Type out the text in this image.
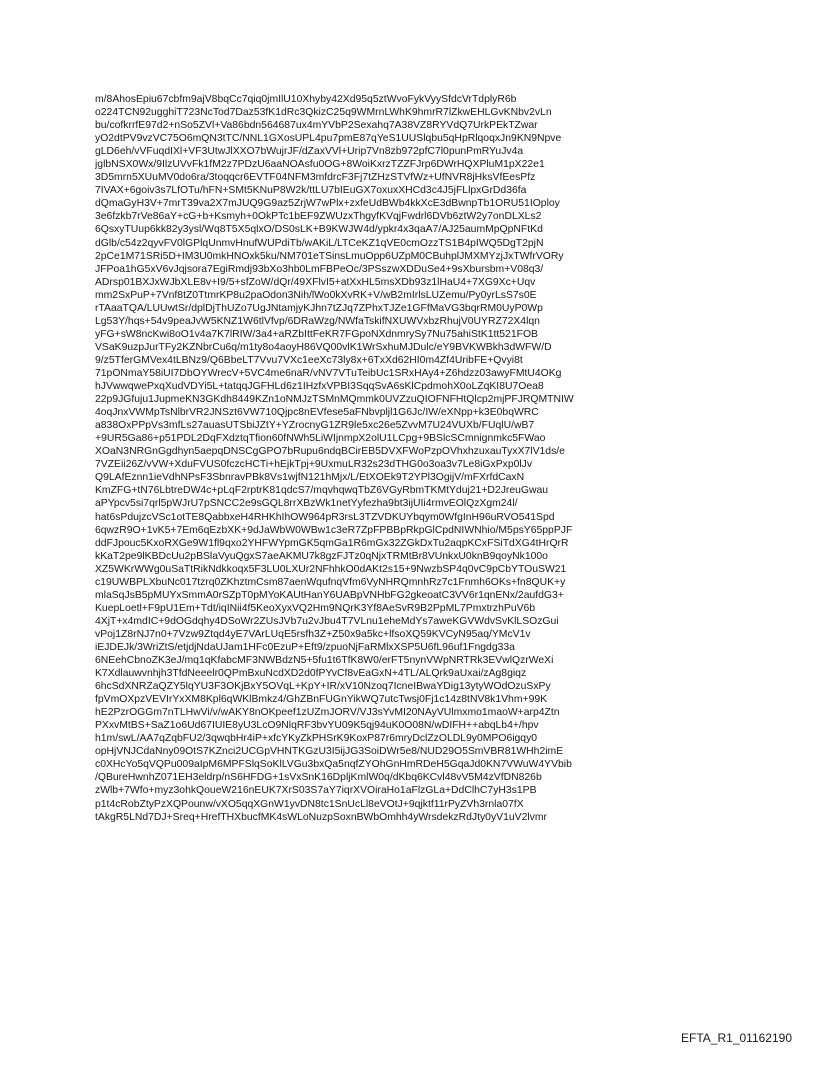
m/8AhosEpiu67cbfm9ajV8bqCc7qiq0jmIlU10Xhyby42Xd95q5ztWvoFykVyySfdcVrTdplyR6b
o224TCN92ugghiT723NcTod7Daz53fK1dRc3QkizC25q9WMrnLWhK9hmrR7lZkwEHLGvKNbv2vLn
bu/cofkrrfE97d2+nSo5ZVl+Va86bdn564687ux4mYVbP2Sexahq7A38VZ8RYVdQ7UrkPEkTZwar
yO2dtPV9vzVC75O6mQN3tTC/NNL1GXosUPL4pu7pmE87qYeS1UUSlqbu5qHpRlqoqxJn9KN9Npve
gLD6eh/vVFuqdIXl+VF3UtwJlXXO7bWujrJF/dZaxVVl+Urip7Vn8zb972pfC7l0punPmRYuJv4a
jglbNSX0Wx/9IlzUVvFk1fM2z7PDzU6aaNOAsfu0OG+8WoiKxrzTZZFJrp6DWrHQXPluM1pX22e1
3D5mrn5XUuMV0do6ra/3toqqcr6EVTF04NFM3mfdrcF3Fj7tZHzSTVfWz+UfNVR8jHksVfEesPfz
7IVAX+6goiv3s7LfOTu/hFN+SMt5KNuP8W2k/ttLU7bIEuGX7oxuxXHCd3c4J5jFLlpxGrDd36fa
dQmaGyH3V+7mrT39va2X7mJUQ9G9az5ZrjW7wPlx+zxfeUdBWb4kkXcE3dBwnpTb1ORU51IOploy
3e6fzkb7rVe86aY+cG+b+Ksmyh+0OkPTc1bEF9ZWUzxThgyfKVqjFwdrl6DVb6ztW2y7onDLXLs2
6QsxyTUup6kk82y3ysl/Wq8T5X5qlxO/DS0sLK+B9KWJW4d/ypkr4x3qaA7/AJ25aumMpQpNFtKd
dGlb/c54z2qyvFV0lGPlqUnmvHnufWUPdiTb/wAKiL/LTCeKZ1qVE0cmOzzTS1B4pIWQ5DgT2pjN
2pCe1M71SRi5D+IM3U0mkHNOxk5ku/NM701eTSinsLmuOpp6UZpM0CBuhplJMXMYzjJxTWfrVORy
JFPoa1hG5xV6vJqjsora7EgiRmdj93bXo3hb0LmFBPeOc/3PSszwXDDuSe4+9sXbursbm+V08q3/
ADrsp01BXJxWJbXLE8v+I9/5+sfZoW/dQr/49XFlvI5+atXxHL5msXDb93z1lHaU4+7XG9Xc+Uqv
mm2SxPuP+7Vnf8tZ0TtmrKP8u2paOdon3Nih/lWo0kXvRK+V/wB2mIrlsLUZemu/Py0yrLsS7s0E
rTAaaTQA/LUUwtSr/dplDjThUZo7UgJNtamjyKJhn7tZJq7ZPhxTJZe1GFfMaVG3bqrRM0UyP0Wp
Lg53Y/hqs+54v9peaJvW5KNZ1W6tlVfvp/6DRaWzg/NWfaTskifNXUWVxbzRhujV0UYRZ72X4lqn
yFG+sW8ncKwi8oO1v4a7K7lRIW/3a4+aRZbIttFeKR7FGpoNXdnmrySy7Nu75ahiStK1tt521FOB
VSaK9uzpJurTFy2KZNbrCu6q/m1ty8o4aoyH86VQ00vlK1WrSxhuMJDulc/eY9BVKWBkh3dWFW/D
9/z5TferGMVex4tLBNz9/Q6BbeLT7Vvu7VXc1eeXc73ly8x+6TxXd62HI0m4Zf4UribFE+Qvyi8t
71pONmaY58iUI7DbOYWrecV+5VC4me6naR/vNV7VTuTeibUc1SRxHAy4+Z6hdzz03awyFMtU4OKg
hJVwwqwePxqXudVDYi5L+tatqqJGFHLd6z1IHzfxVPBI3SqqSvA6sKlCpdmohX0oLZqKI8U7Oea8
22p9JGfuju1JupmeKN3GKdh8449KZn1oNMJzTSMnMQmmk0UVZzuQIOFNFHtQlcp2mjPFJRQMTNIW
4oqJnxVWMpTsNlbrVR2JNSzt6VW710Qjpc8nEVfese5aFNbvpljl1G6Jc/IW/eXNpp+k3E0bqWRC
a838OxPPpVs3mfLs27auasUTSbiJZtY+YZrocnyG1ZR9le5xc26e5ZvvM7U24VUXb/FUqlU/wB7
+9UR5Ga86+p51PDL2DqFXdztqTfion60fNWh5LiWIjnmpX2olU1LCpg+9BSlcSCmnignmkc5FWao
XOaN3NRGnGgdhyn5aepqDNSCgGPO7bRupu6ndqBCirEB5DVXFWoPzpOVhxhzuxauTyxX7lV1ds/e
7VZEii26Z/vVW+XduFVUS0fczcHCTi+hEjkTpj+9UxmuLR32s23dTHG0o3oa3v7Le8iGxPxp0lJv
Q9LAfEznn1ieVdhNPsF3SbnravPBk8Vs1wjfN121hMjx/L/EtXOEk9T2YPl3OgijV/mFXrfdCaxN
KmZFG+tN76LbtreDW4c+pLqF2rptrK81qdcS7/mqvhqwqTbZ6VGyRbmTKMtYduj21+D2JreuGwau
aPYpcv5si7qrl5pWJrU7pSNCC2e9sGQL8rrXBzWk1netYyfezha9bt3ijUIi4rmvEOlQzXgm24l/
hat6sPdujzcVSc1otTE8QabbxeH4RHKhIhOW964pR3rsL3TZVDKUYbqym0WfgInH96uRVO541Spd
6qwzR9O+1vK5+7Em6qEzbXK+9dJaWbW0WBw1c3eR7ZpFPBBpRkpGlCpdNIWNhio/M5psY65ppPJF
ddFJpouc5KxoRXGe9W1fl9qxo2YHFWYpmGK5qmGa1R6mGx32ZGkDxTu2aqpKCxFSiTdXG4tHrQrR
kKaT2pe9lKBDcUu2pBSlaVyuQgxS7aeAKMU7k8gzFJTz0qNjxTRMtBr8VUnkxU0knB9qoyNk100o
XZ5WKrWWg0uSaTtRikNdkkoqx5F3LU0LXUr2NFhhkO0dAKt2s15+9NwzbSP4q0vC9pCbYTOuSW21
c19UWBPLXbuNc017tzrq0ZKhztmCsm87aenWqufnqVfm6VyNHRQmnhRz7c1Fnmh6OKs+fn8QUK+y
mlaSqJsB5pMUYxSmmA0rSZpT0pMYoKAUtHanY6UABpVNHbFG2gkeoatC3VV6r1qnENx/2aufdG3+
KuepLoetl+F9pU1Em+Tdt/iqINii4f5KeoXyxVQ2Hm9NQrK3Yf8AeSvR9B2PpML7PmxtrzhPuV6b
4XjT+x4mdIC+9dOGdqhy4DSoWr2ZUsJVb7u2vJbu4T7VLnu1eheMdYs7aweKGVWdvSvKlLSOzGui
vPoj1Z8rNJ7n0+7Vzw9Ztqd4yE7VArLUqE5rsfh3Z+Z50x9a5kc+lfsoXQ59KVCyN95aq/YMcV1v
iEJDEJk/3WriZtS/etjdjNdaUJam1HFc0EzuP+Eft9/zpuoNjFaRMlxXSP5U6fL96uf1Fngdg33a
6NEehCbnoZK3eJ/mq1qKfabcMF3NWBdzN5+5fu1t6TfK8W0/erFT5nynVWpNRTRk3EVwlQzrWeXi
K7Xdlauwvnhjh3TfdNeeelr0QPmBxuNcdXD2d0fPYvCf8vEaGxN+4TL/ALQrk9aUxai/zAg8giqz
6hcSdXNRZaQZY5lqYU3F3OKjBxY5OVqL+KpY+IR/xV10Nzoq7IcneIBwaYDig13ytyWOdOzuSxPy
fpVmOXpzVEVIrYxXM8Kpl6qWKlBmkz4/GhZBnFUGnYikWQ7utcTwsj0Fj1c14z8tNV8k1Vhm+99K
hE2PzrOGGm7nTLHwVi/v/wAKY8nOKpeef1zUZmJORV/VJ3sYvMI20NAyVUlmxmo1maoW+arp4Ztn
PXxvMtBS+SaZ1o6Ud67IUIE8yU3LcO9NlqRF3bvYU09K5qj94uK0O08N/wDIFH++abqLb4+/hpv
h1m/swL/AA7qZqbFU2/3qwqbHr4iP+xfcYKyZkPHSrK9KoxP87r6mryDclZzOLDL9y0MPO6igqy0
opHjVNJCdaNny09OtS7KZnci2UCGpVHNTKGzU3I5ijJG3SoiDWr5e8/NUD29O5SmVBR81WHh2imE
c0XHcYo5qVQPu009aIpM6MPFSlqSoKlLVGu3bxQa5nqfZYOhGnHmRDeH5GqaJd0KN7VWuW4YVbib
/QBureHwnhZ071EH3eldrp/nS6HFDG+1sVxSnK16DpljKmlW0q/dKbq6KCvl48vV5M4zVfDN826b
zWlb+7Wfo+myz3ohkQoueW216nEUK7XrS03S7aY7iqrXVOiraHo1aFlzGLa+DdClhC7yH3s1PB
p1t4cRobZtyPzXQPounw/vXO5qqXGnW1yvDN8tc1SnUcLl8eVOtJ+9qjktf11rPyZVh3rnla07fX
tAkgR5LNd7DJ+Sreq+HrefTHXbucfMK4sWLoNuzpSoxnBWbOmhh4yWrsdekzRdJty0yV1uV2lvmr
EFTA_R1_01162190
